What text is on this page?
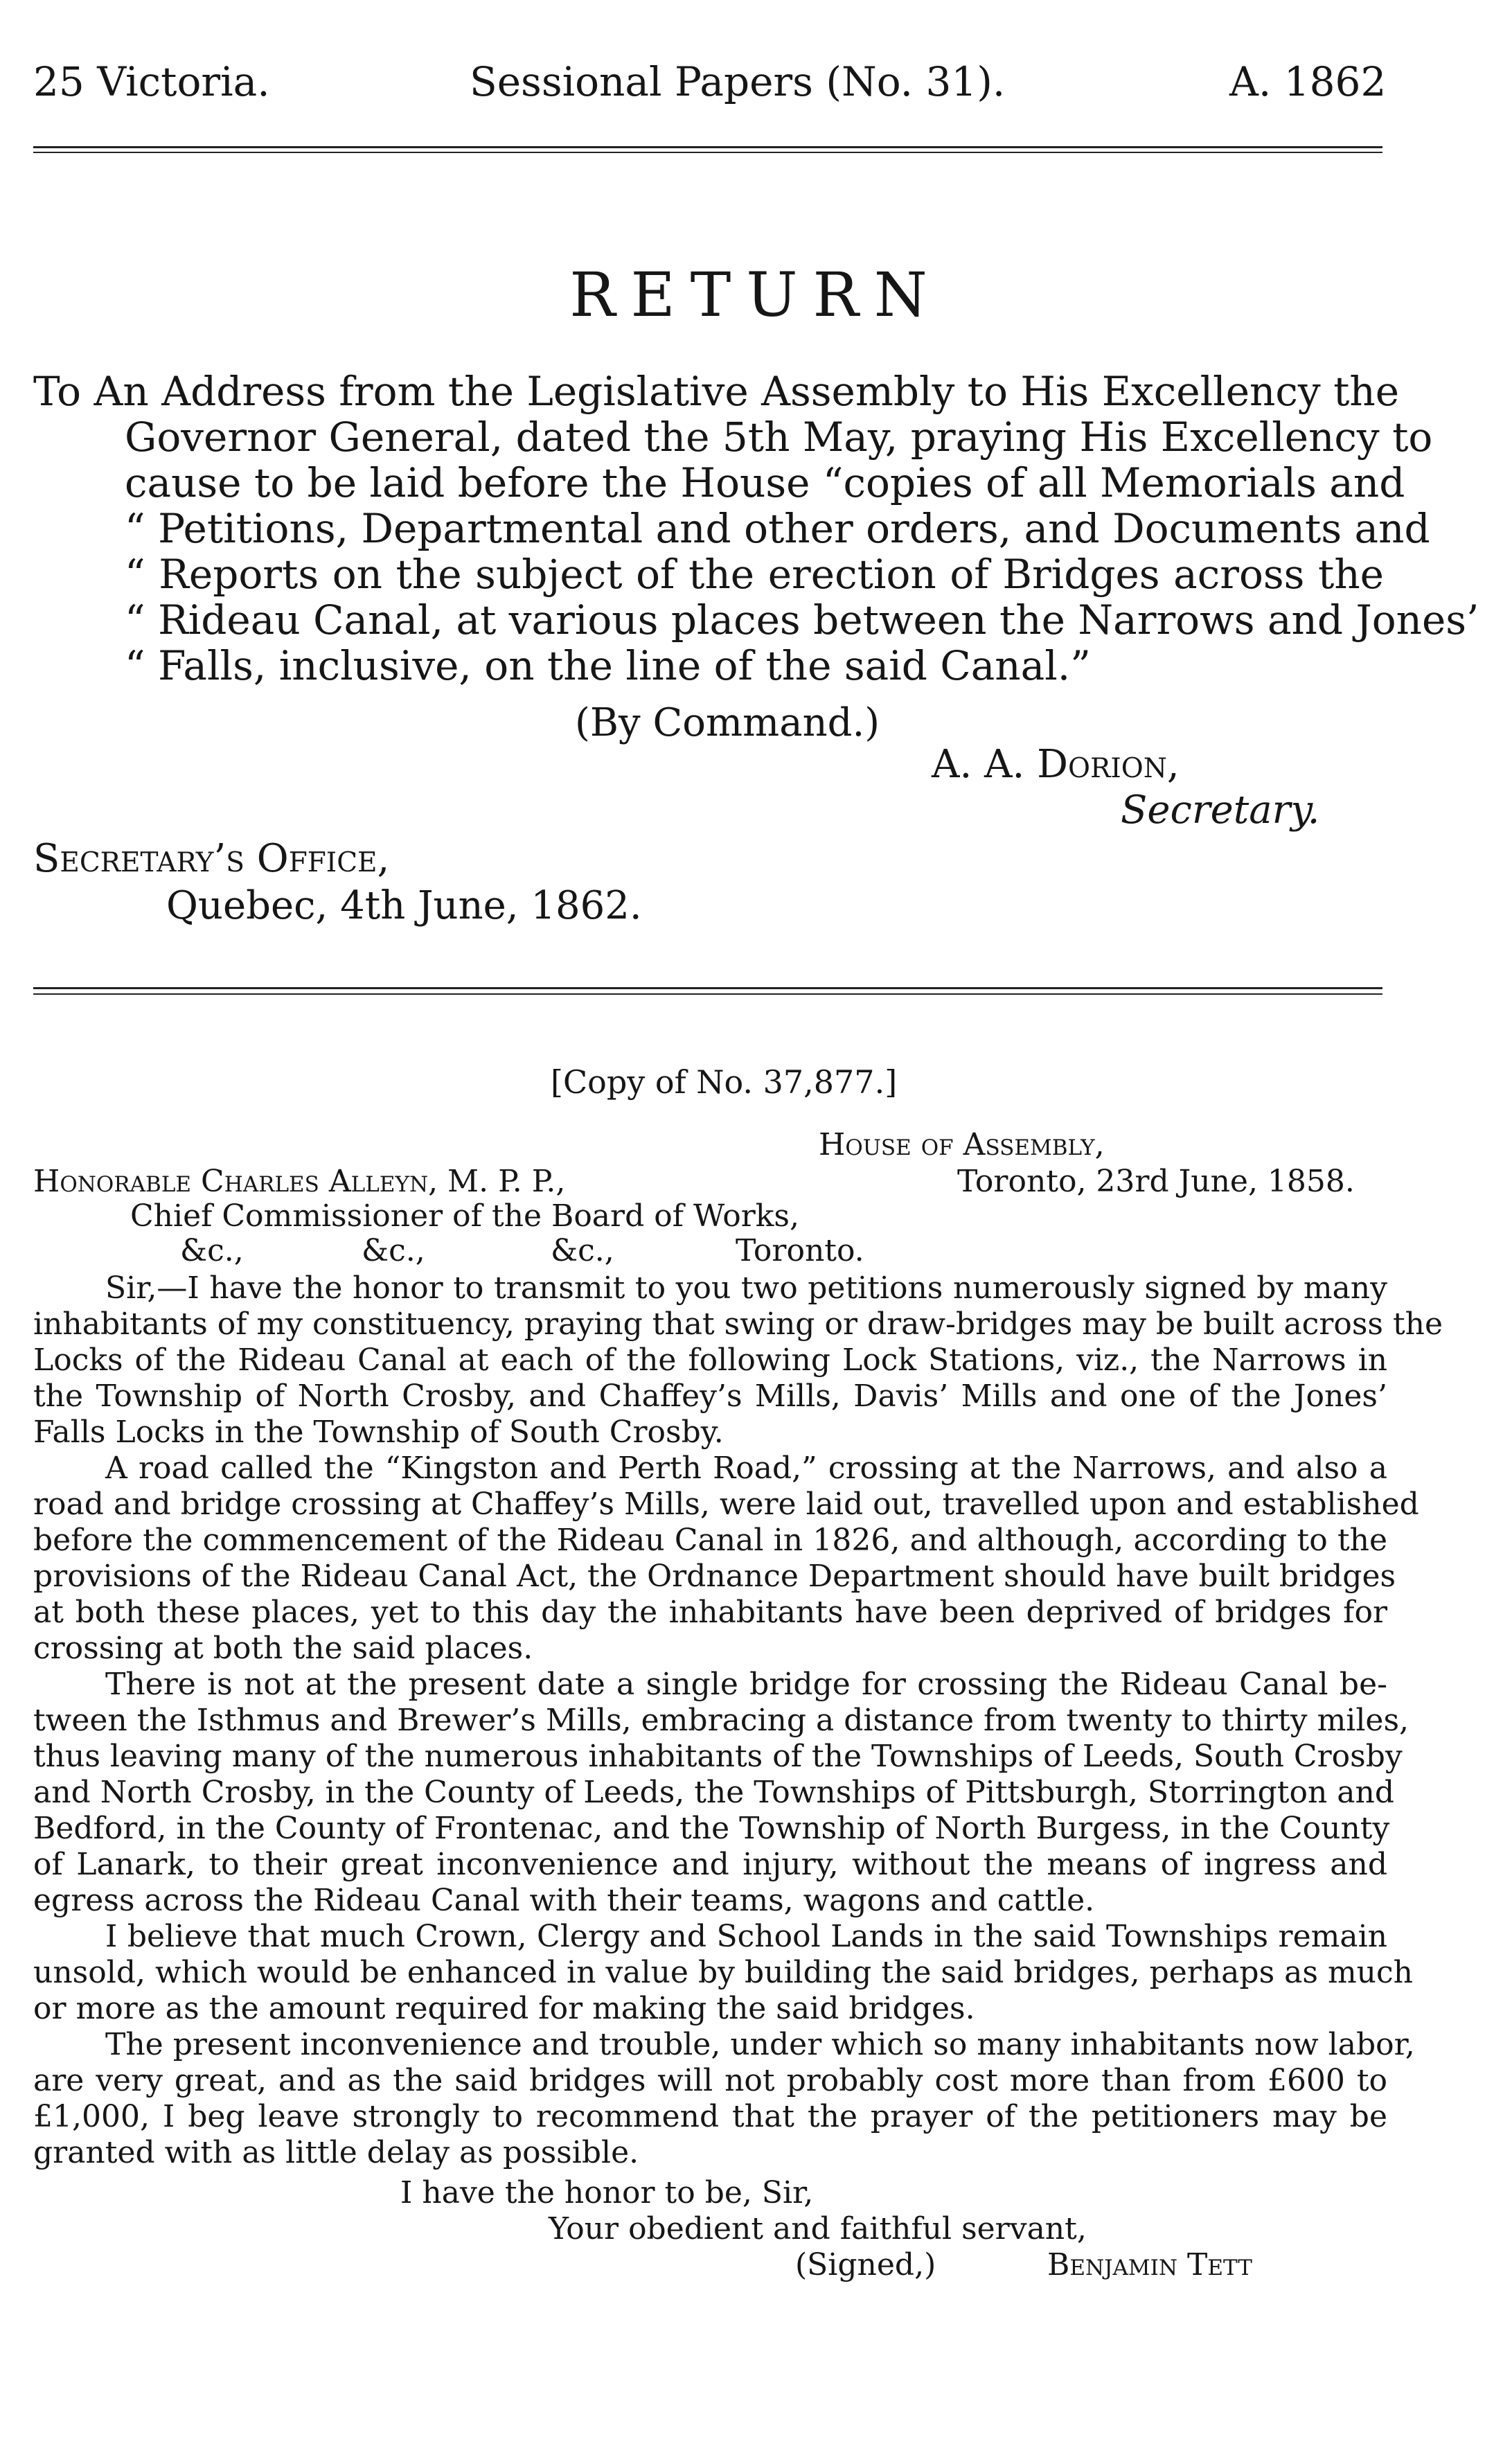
25 Victoria.	Sessional Papers (No. 31).	A. 1862
RETURN
To An Address from the Legislative Assembly to His Excellency the
Governor General, dated the 5th May, praying His Excellency to
cause to be laid before the House “copies of all Memorials and
“ Petitions, Departmental and other orders, and Documents and
“ Reports on the subject of the erection of Bridges across the
“ Rideau Canal, at various places between the Narrows and Jones’
“ Falls, inclusive, on the line of the said Canal.”
(By Command.)
A. A. Dorion,
Secretary.
Secretary’s Office,
Quebec, 4th June, 1862.
[Copy of No. 37,877.]
House of Assembly,
Honorable Charles Alleyn, M. P. P.,	Toronto, 23rd June, 1858.
Chief Commissioner of the Board of Works,
&c.,	&c.,	&c.,	Toronto.
Sir,—I have the honor to transmit to you two petitions numerously signed by many
inhabitants of my constituency, praying that swing or draw-bridges may be built across the
Locks of the Rideau Canal at each of the following Lock Stations, viz., the Narrows in
the Township of North Crosby, and Chaffey’s Mills, Davis’ Mills and one of the Jones’
Falls Locks in the Township of South Crosby.
A road called the “Kingston and Perth Road,” crossing at the Narrows, and also a
road and bridge crossing at Chaffey’s Mills, were laid out, travelled upon and established
before the commencement of the Rideau Canal in 1826, and although, according to the
provisions of the Rideau Canal Act, the Ordnance Department should have built bridges
at both these places, yet to this day the inhabitants have been deprived of bridges for
crossing at both the said places.
There is not at the present date a single bridge for crossing the Rideau Canal be-
tween the Isthmus and Brewer’s Mills, embracing a distance from twenty to thirty miles,
thus leaving many of the numerous inhabitants of the Townships of Leeds, South Crosby
and North Crosby, in the County of Leeds, the Townships of Pittsburgh, Storrington and
Bedford, in the County of Frontenac, and the Township of North Burgess, in the County
of Lanark, to their great inconvenience and injury, without the means of ingress and
egress across the Rideau Canal with their teams, wagons and cattle.
I believe that much Crown, Clergy and School Lands in the said Townships remain
unsold, which would be enhanced in value by building the said bridges, perhaps as much
or more as the amount required for making the said bridges.
The present inconvenience and trouble, under which so many inhabitants now labor,
are very great, and as the said bridges will not probably cost more than from £600 to
£1,000, I beg leave strongly to recommend that the prayer of the petitioners may be
granted with as little delay as possible.
I have the honor to be, Sir,
Your obedient and faithful servant,
(Signed,)	Benjamin Tett
